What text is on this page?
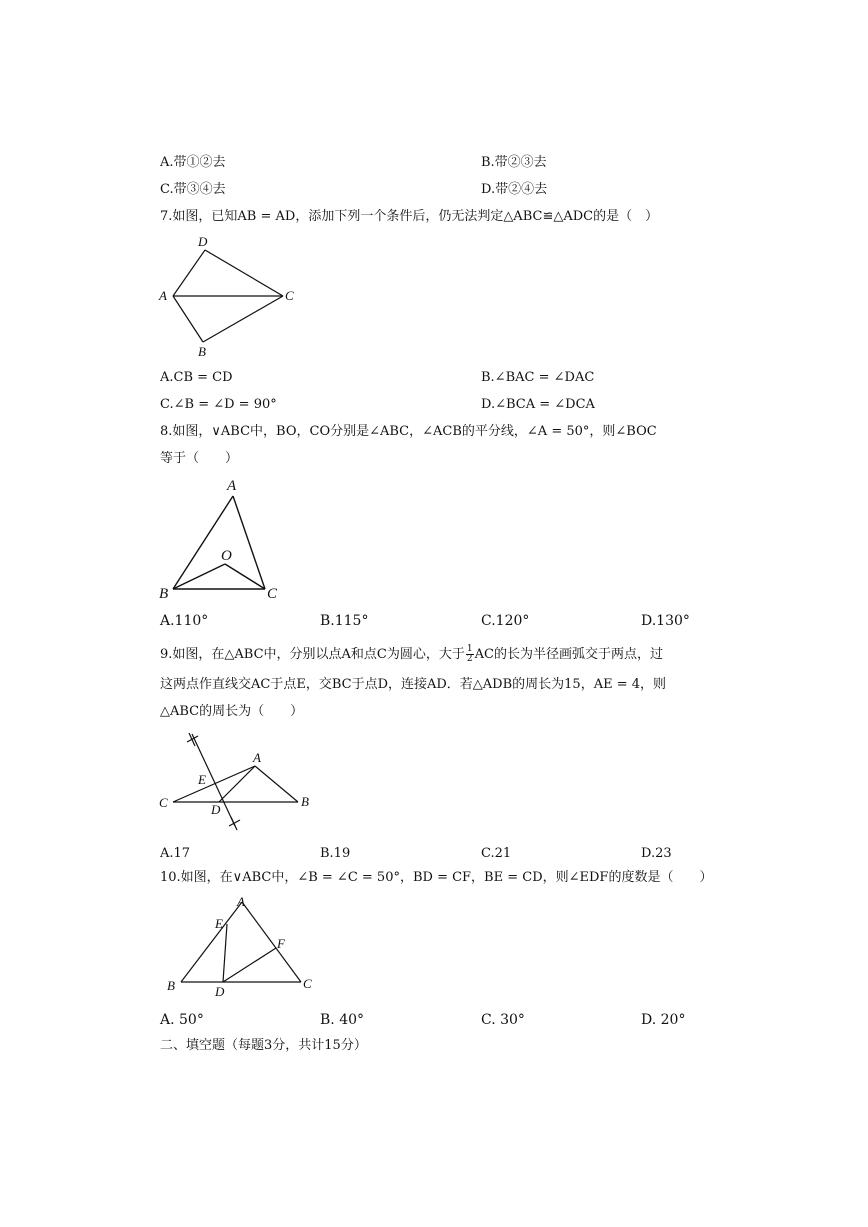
A.带①②去	B.带②③去
C.带③④去	D.带②④去
7.如图，已知AB = AD，添加下列一个条件后，仍无法判定△ABC≌△ADC的是（　）
D
A	C
B
A.CB = CD	B.∠BAC = ∠DAC
C.∠B = ∠D = 90°	D.∠BCA = ∠DCA
8.如图，∨ABC中，BO，CO分别是∠ABC，∠ACB的平分线，∠A = 50°，则∠BOC
等于（　　）
A
O
B	C
A.110°	B.115°	C.120°	D.130°
9.如图，在△ABC中，分别以点A和点C为圆心，大于 $\frac{1}{2}$ AC的长为半径画弧交于两点，过
这两点作直线交AC于点E，交BC于点D，连接AD．若△ADB的周长为15，AE = 4，则
△ABC的周长为（　　）
A
E
C	D
B
A.17	B.19	C.21	D.23
10.如图，在∨ABC中，∠B = ∠C = 50°，BD = CF，BE = CD，则∠EDF的度数是（　　）
A
E
F
B	D
C
A. 50°	B. 40°	C. 30°	D. 20°
二、填空题（每题3分，共计15分）
